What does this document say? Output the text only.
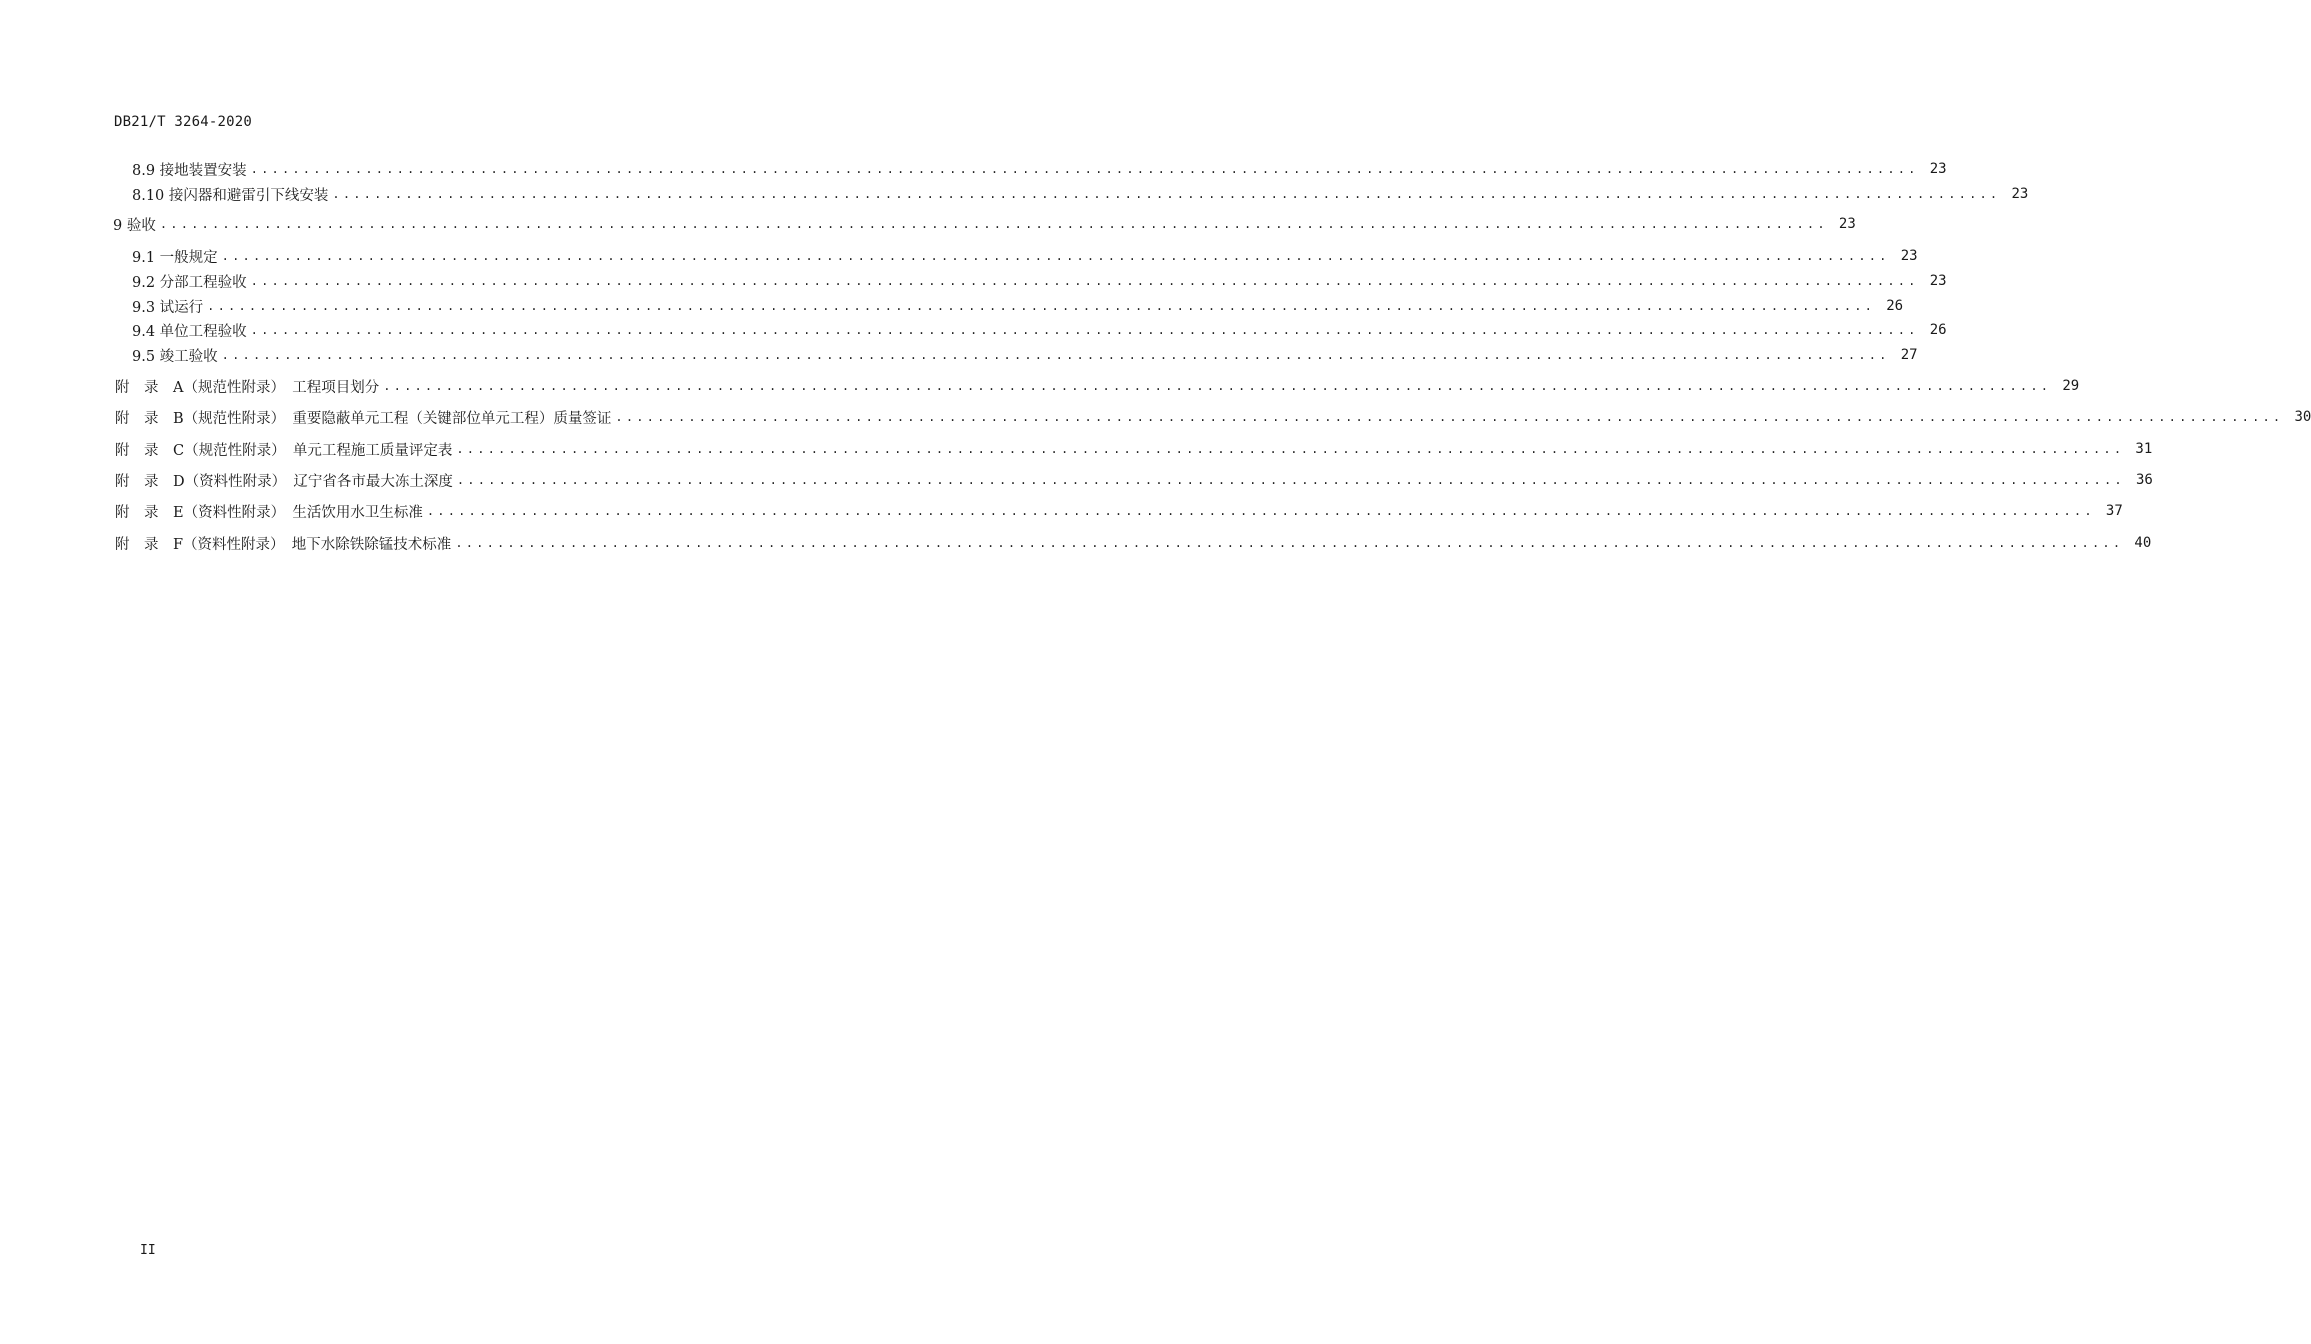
DB21/T 3264-2020
8.9 接地装置安装 ................................................................................................................................................................ 23
8.10 接闪器和避雷引下线安装 ................................................................................................................................................................ 23
9 验收 ................................................................................................................................................................ 23
9.1 一般规定 ................................................................................................................................................................ 23
9.2 分部工程验收 ................................................................................................................................................................ 23
9.3 试运行 ................................................................................................................................................................ 26
9.4 单位工程验收 ................................................................................................................................................................ 26
9.5 竣工验收 ................................................................................................................................................................ 27
附　录　A（规范性附录）　工程项目划分 ................................................................................................................................................................ 29
附　录　B（规范性附录）　重要隐蔽单元工程（关键部位单元工程）质量签证 ................................................................................................................................................................ 30
附　录　C（规范性附录）　单元工程施工质量评定表 ................................................................................................................................................................ 31
附　录　D（资料性附录）　辽宁省各市最大冻土深度 ................................................................................................................................................................ 36
附　录　E（资料性附录）　生活饮用水卫生标准 ................................................................................................................................................................ 37
附　录　F（资料性附录）　地下水除铁除锰技术标准 ................................................................................................................................................................ 40
II
